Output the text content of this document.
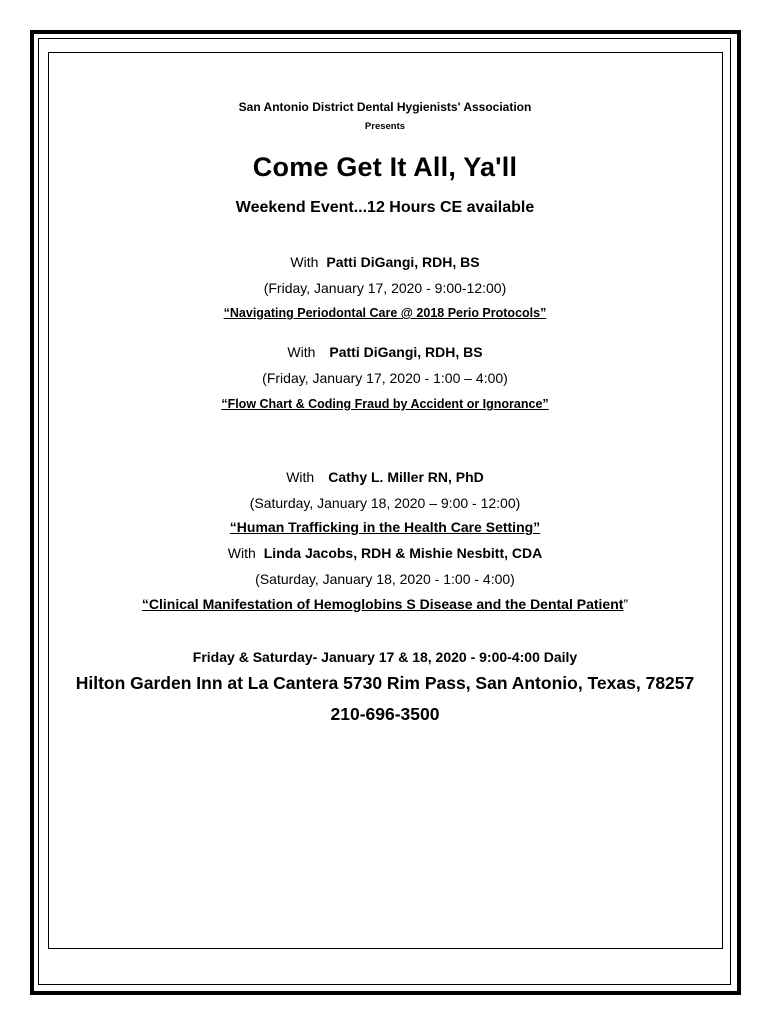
San Antonio District Dental Hygienists' Association
Presents
Come Get It All, Ya'll
Weekend Event...12 Hours CE available
With Patti DiGangi, RDH, BS
(Friday, January 17, 2020 - 9:00-12:00)
“Navigating Periodontal Care @ 2018 Perio Protocols”
With Patti DiGangi, RDH, BS
(Friday, January 17, 2020 - 1:00 – 4:00)
“Flow Chart & Coding Fraud by Accident or Ignorance”
With Cathy L. Miller RN, PhD
(Saturday, January 18, 2020 – 9:00 - 12:00)
“Human Trafficking in the Health Care Setting”
With Linda Jacobs, RDH & Mishie Nesbitt, CDA
(Saturday, January 18, 2020 - 1:00 - 4:00)
“Clinical Manifestation of Hemoglobins S Disease and the Dental Patient”
Friday & Saturday- January 17 & 18, 2020 - 9:00-4:00 Daily
Hilton Garden Inn at La Cantera 5730 Rim Pass, San Antonio, Texas, 78257
210-696-3500
